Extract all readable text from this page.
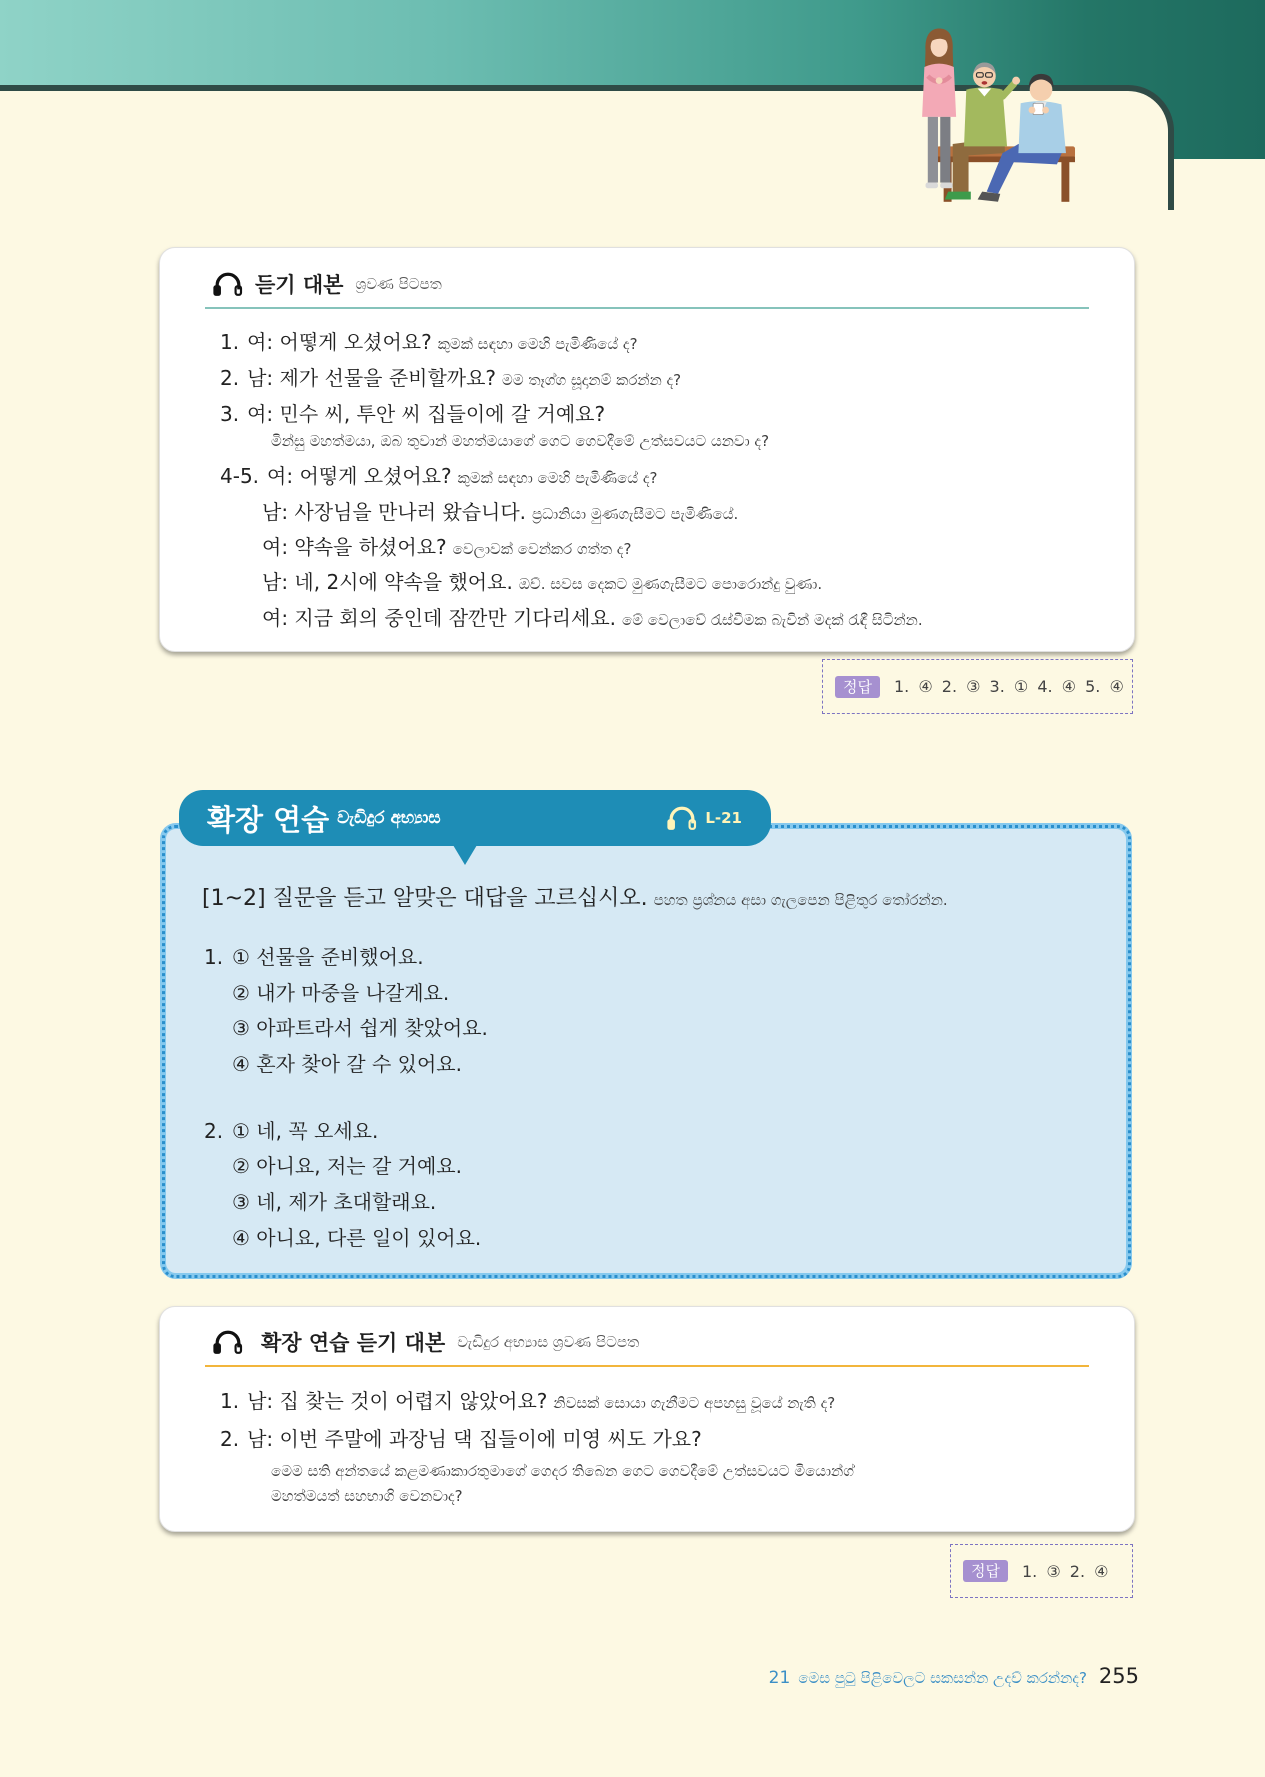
듣기 대본 ශ්‍රවණ පිටපත
1. 여: 어떻게 오셨어요? කුමක් සඳහා මෙහි පැමිණියේ ද?
2. 남: 제가 선물을 준비할까요? මම තෑග්ග සූදානම් කරන්න ද?
3. 여: 민수 씨, 투안 씨 집들이에 갈 거예요?
මින්සු මහත්මයා, ඔබ තුවාන් මහත්මයාගේ ගෙට ගෙවදීමේ උත්සවයට යනවා ද?
4-5. 여: 어떻게 오셨어요? කුමක් සඳහා මෙහි පැමිණියේ ද?
남: 사장님을 만나러 왔습니다. ප්‍රධානියා මුණගැසීමට පැමිණියේ.
여: 약속을 하셨어요? වෙලාවක් වෙන්කර ගත්ත ද?
남: 네, 2시에 약속을 했어요. ඔව්. සවස දෙකට මුණගැසීමට පොරොන්දු වුණා.
여: 지금 회의 중인데 잠깐만 기다리세요. මේ වෙලාවේ රැස්වීමක බැවින් මදක් රැඳී සිටින්න.
정답	1. ④ 2. ③ 3. ① 4. ④ 5. ④
[1~2] 질문을 듣고 알맞은 대답을 고르십시오. පහත ප්‍රශ්නය අසා ගැලපෙන පිළිතුර තෝරන්න.
1. ① 선물을 준비했어요.
② 내가 마중을 나갈게요.
③ 아파트라서 쉽게 찾았어요.
④ 혼자 찾아 갈 수 있어요.
2. ① 네, 꼭 오세요.
② 아니요, 저는 갈 거예요.
③ 네, 제가 초대할래요.
④ 아니요, 다른 일이 있어요.
확장 연습 වැඩිදුර අභ්‍යාස	L-21
확장 연습 듣기 대본 වැඩිදුර අභ්‍යාස ශ්‍රවණ පිටපත
1. 남: 집 찾는 것이 어렵지 않았어요? නිවසක් සොයා ගැනීමට අපහසු වූයේ නැති ද?
2. 남: 이번 주말에 과장님 댁 집들이에 미영 씨도 가요?
මෙම සති අන්තයේ කළමණාකාරතුමාගේ ගෙදර තිබෙන ගෙට ගෙවදීමේ උත්සවයට මියොන්ග්
මහත්මයත් සහභාගි වෙනවාද?
정답	1. ③ 2. ④
21 මෙස පුටු පිළිවෙලට සකසන්න උදව් කරන්නද? 255
